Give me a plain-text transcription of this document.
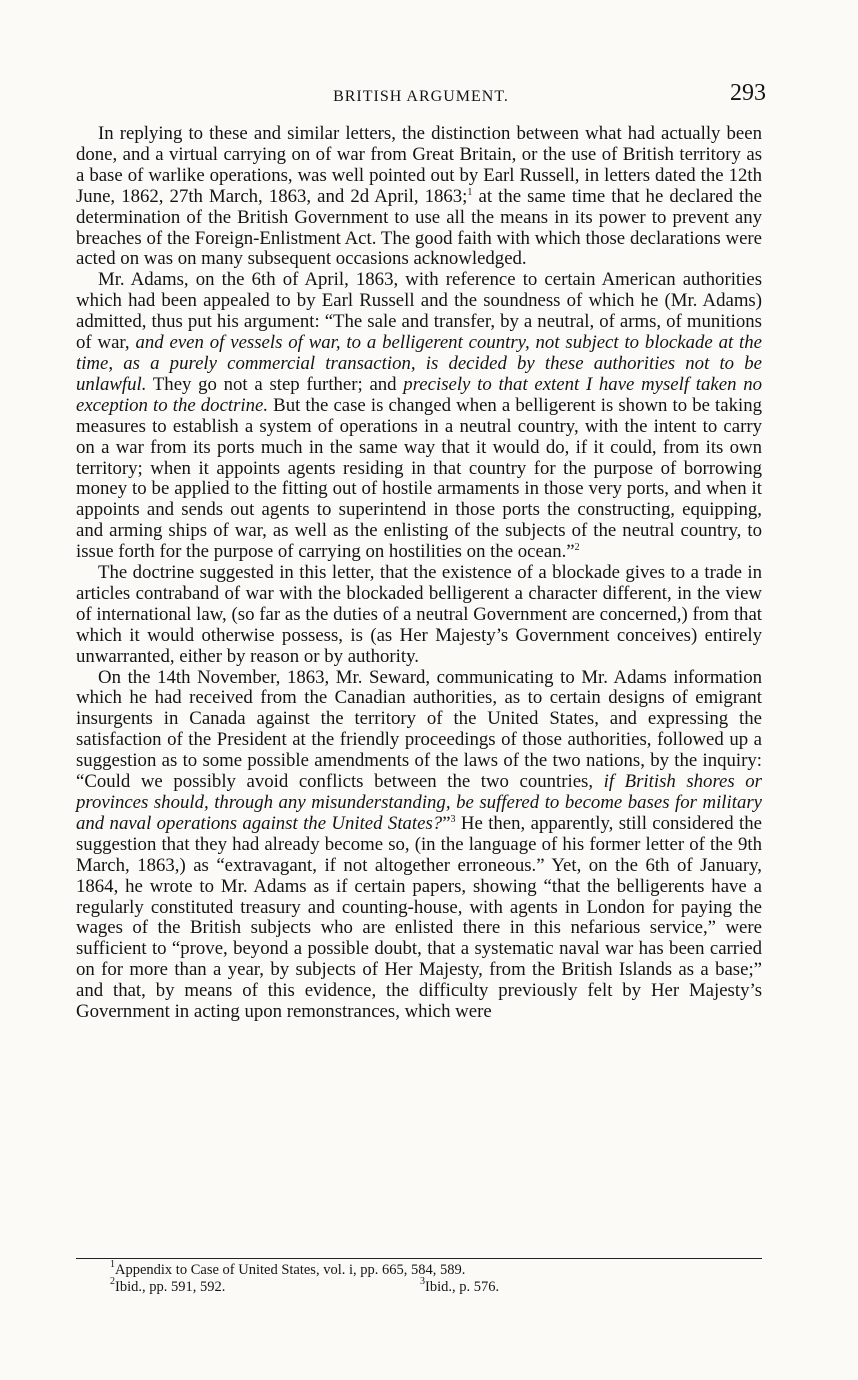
BRITISH ARGUMENT.	293

In replying to these and similar letters, the distinction between what had actually been done, and a virtual carrying on of war from Great Britain, or the use of British territory as a base of warlike operations, was well pointed out by Earl Russell, in letters dated the 12th June, 1862, 27th March, 1863, and 2d April, 1863;$^1$ at the same time that he declared the determination of the British Government to use all the means in its power to prevent any breaches of the Foreign-Enlistment Act. The good faith with which those declarations were acted on was on many subsequent occasions acknowledged.

Mr. Adams, on the 6th of April, 1863, with reference to certain American authorities which had been appealed to by Earl Russell and the soundness of which he (Mr. Adams) admitted, thus put his argument: “The sale and transfer, by a neutral, of arms, of munitions of war, and even of vessels of war, to a belligerent country, not subject to blockade at the time, as a purely commercial transaction, is decided by these authorities not to be unlawful. They go not a step further; and precisely to that extent I have myself taken no exception to the doctrine. But the case is changed when a belligerent is shown to be taking measures to establish a system of operations in a neutral country, with the intent to carry on a war from its ports much in the same way that it would do, if it could, from its own territory; when it appoints agents residing in that country for the purpose of borrowing money to be applied to the fitting out of hostile armaments in those very ports, and when it appoints and sends out agents to superintend in those ports the constructing, equipping, and arming ships of war, as well as the enlisting of the subjects of the neutral country, to issue forth for the purpose of carrying on hostilities on the ocean.”$^2$

The doctrine suggested in this letter, that the existence of a blockade gives to a trade in articles contraband of war with the blockaded belligerent a character different, in the view of international law, (so far as the duties of a neutral Government are concerned,) from that which it would otherwise possess, is (as Her Majesty’s Government conceives) entirely unwarranted, either by reason or by authority.

On the 14th November, 1863, Mr. Seward, communicating to Mr. Adams information which he had received from the Canadian authorities, as to certain designs of emigrant insurgents in Canada against the territory of the United States, and expressing the satisfaction of the President at the friendly proceedings of those authorities, followed up a suggestion as to some possible amendments of the laws of the two nations, by the inquiry: “Could we possibly avoid conflicts between the two countries, if British shores or provinces should, through any misunderstanding, be suffered to become bases for military and naval operations against the United States?”$^3$ He then, apparently, still considered the suggestion that they had already become so, (in the language of his former letter of the 9th March, 1863,) as “extravagant, if not altogether erroneous.” Yet, on the 6th of January, 1864, he wrote to Mr. Adams as if certain papers, showing “that the belligerents have a regularly constituted treasury and counting-house, with agents in London for paying the wages of the British subjects who are enlisted there in this nefarious service,” were sufficient to “prove, beyond a possible doubt, that a systematic naval war has been carried on for more than a year, by subjects of Her Majesty, from the British Islands as a base;” and that, by means of this evidence, the difficulty previously felt by Her Majesty’s Government in acting upon remonstrances, which were

$^1$Appendix to Case of United States, vol. i, pp. 665, 584, 589.
$^2$Ibid., pp. 591, 592.	$^3$Ibid., p. 576.
